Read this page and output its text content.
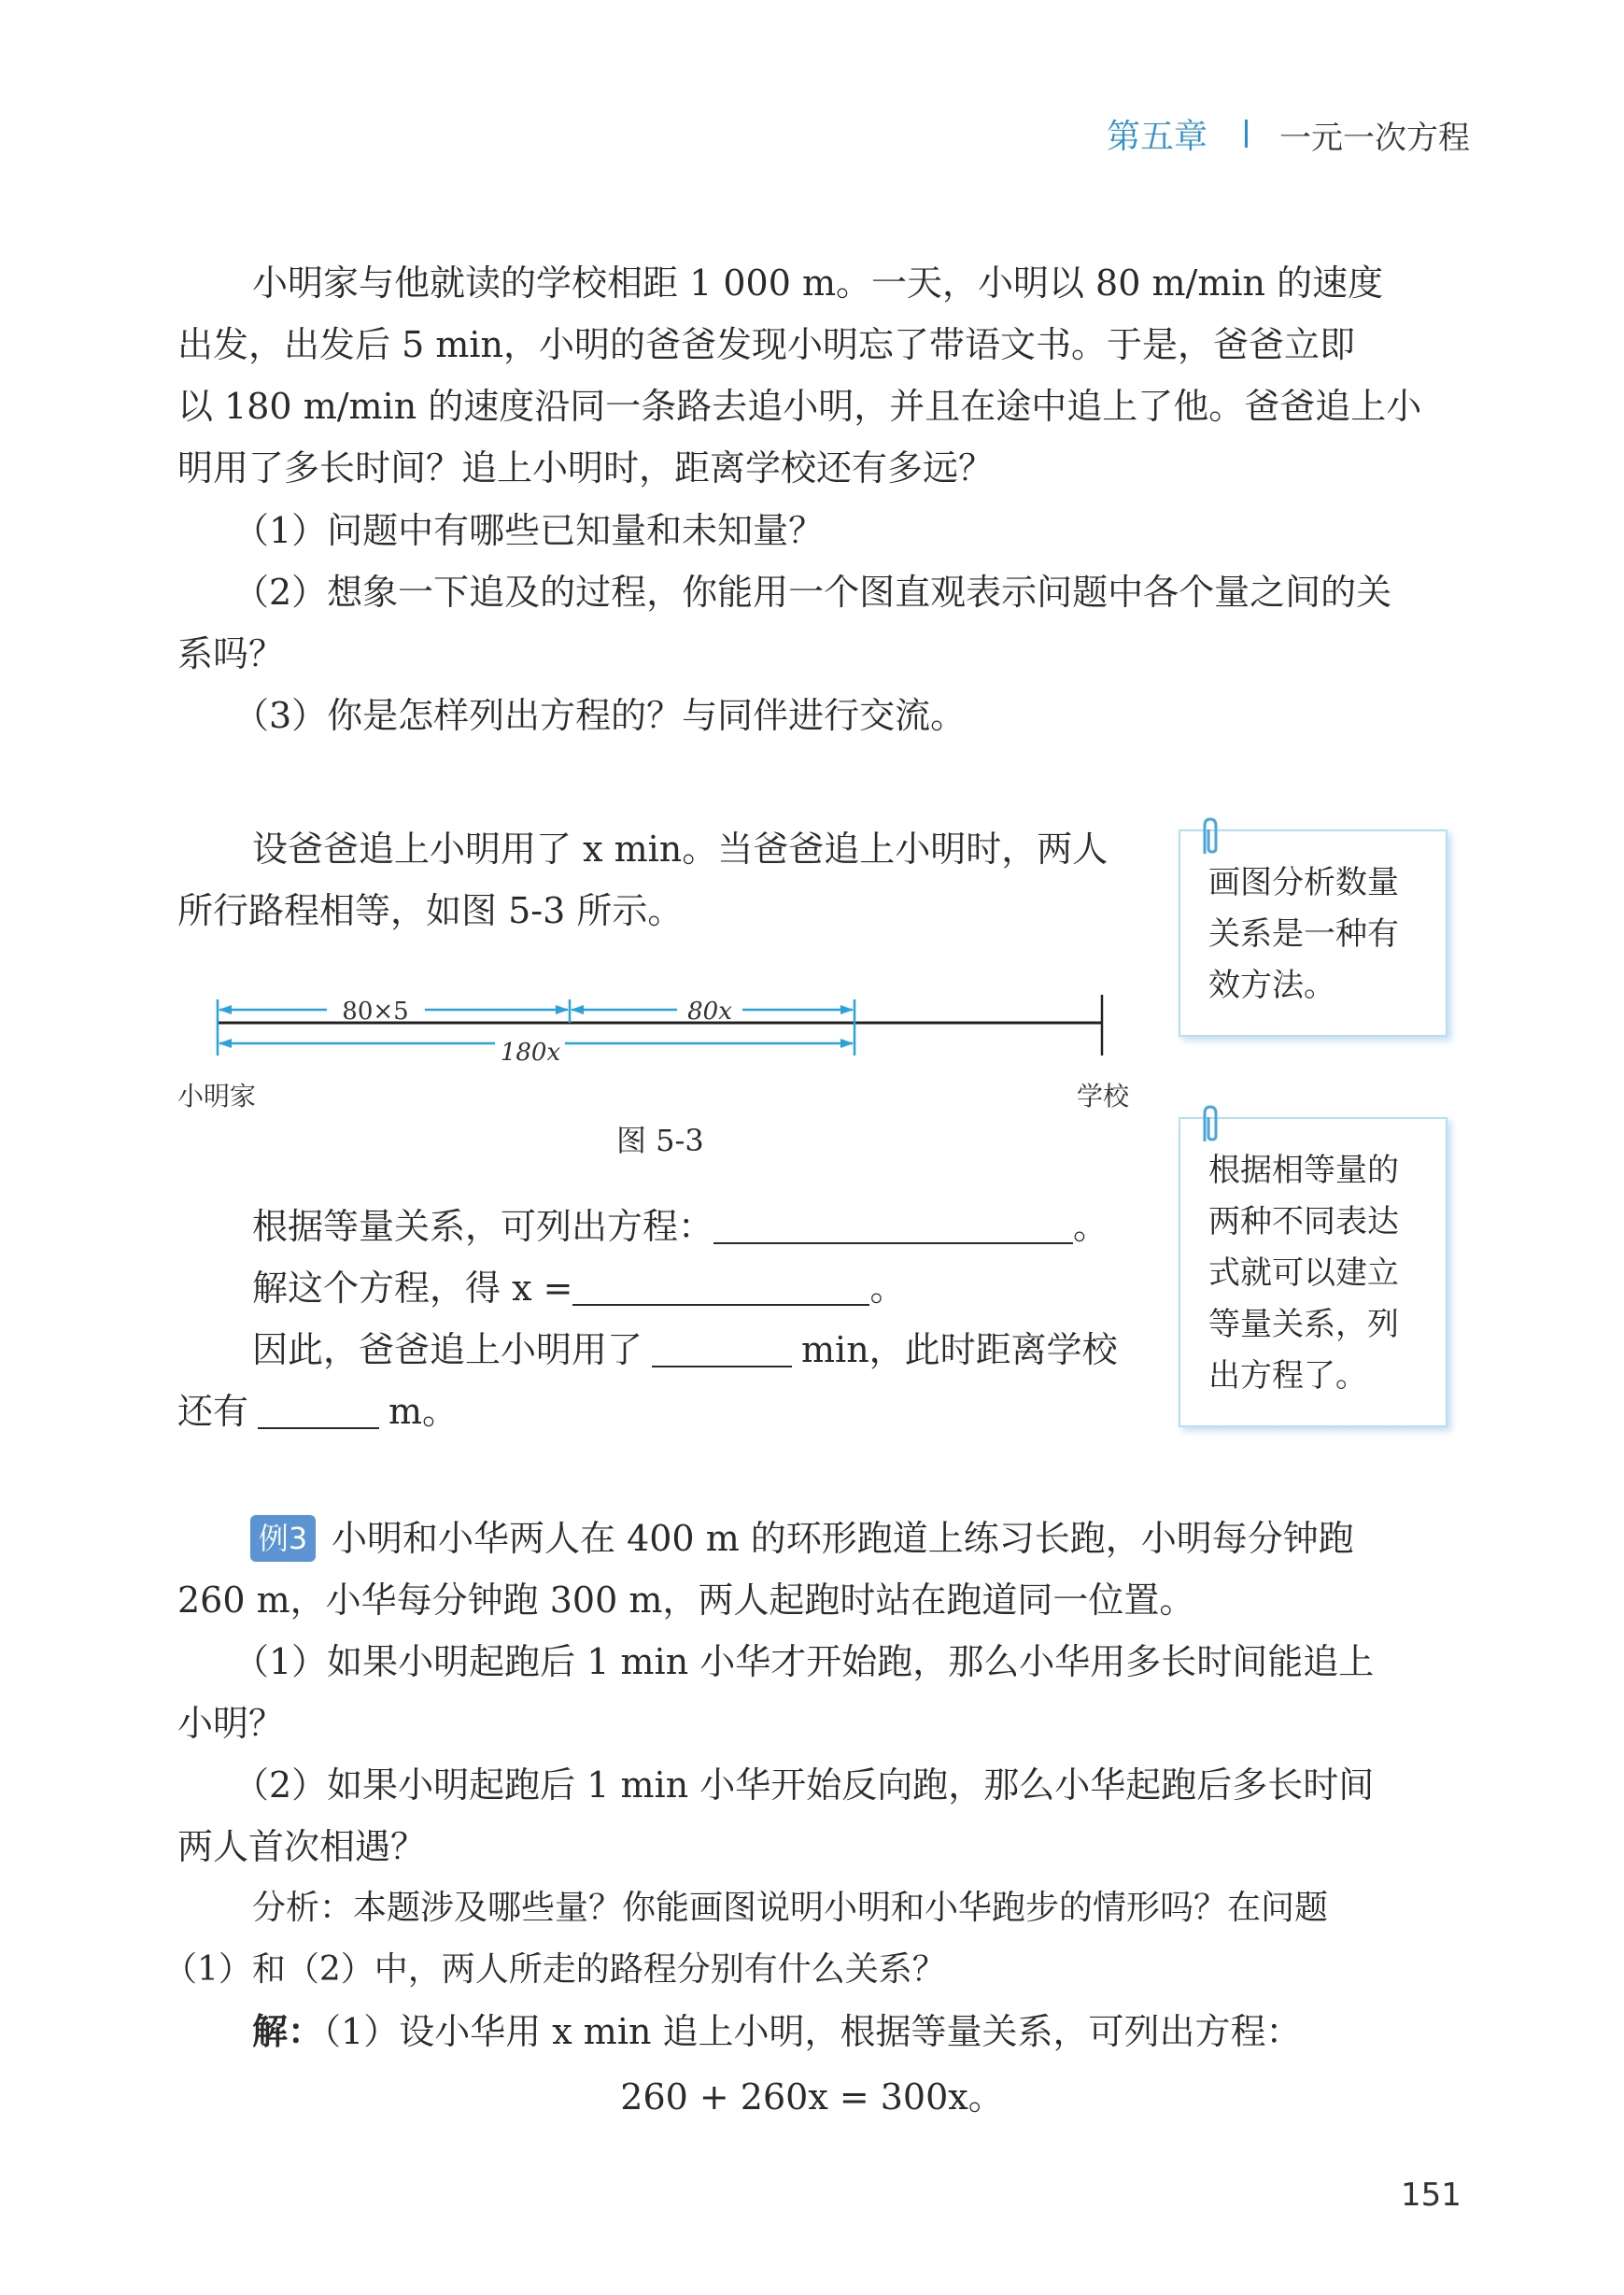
第五章 一元一次方程
小明家与他就读的学校相距 1 000 m。一天，小明以 80 m/min 的速度
出发，出发后 5 min，小明的爸爸发现小明忘了带语文书。于是，爸爸立即
以 180 m/min 的速度沿同一条路去追小明，并且在途中追上了他。爸爸追上小
明用了多长时间？追上小明时，距离学校还有多远？
（1）问题中有哪些已知量和未知量？
（2）想象一下追及的过程，你能用一个图直观表示问题中各个量之间的关
系吗？
（3）你是怎样列出方程的？与同伴进行交流。
设爸爸追上小明用了 x min。当爸爸追上小明时，两人
所行路程相等，如图 5-3 所示。
80×5	80x
180x
小明家	学校
图 5-3
根据等量关系，可列出方程：	。
解这个方程，得 x =	。
因此，爸爸追上小明用了	min，此时距离学校
还有	m。
画图分析数量
关系是一种有
效方法。
根据相等量的
两种不同表达
式就可以建立
等量关系，列
出方程了。
例3 小明和小华两人在 400 m 的环形跑道上练习长跑，小明每分钟跑
260 m，小华每分钟跑 300 m，两人起跑时站在跑道同一位置。
（1）如果小明起跑后 1 min 小华才开始跑，那么小华用多长时间能追上
小明？
（2）如果小明起跑后 1 min 小华开始反向跑，那么小华起跑后多长时间
两人首次相遇？
分析：本题涉及哪些量？你能画图说明小明和小华跑步的情形吗？在问题
（1）和（2）中，两人所走的路程分别有什么关系？
解：（1）设小华用 x min 追上小明，根据等量关系，可列出方程：
260 + 260x = 300x。
151
